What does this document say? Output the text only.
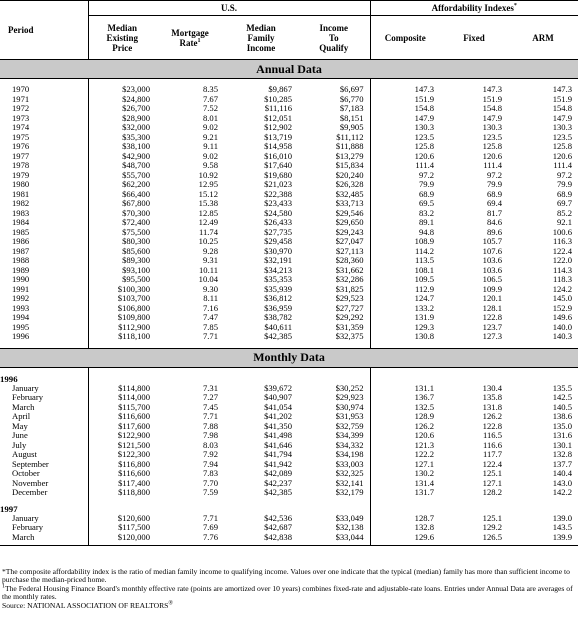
Period	U.S.				Affordability Indexes*
	Median
Existing
Price	Mortgage
Rate$^1$	Median
Family
Income	Income
To
Qualify	Composite	Fixed	ARM
Annual Data							

1970	$23,000	8.35	$9,867	$6,697	147.3	147.3	147.3
1971	$24,800	7.67	$10,285	$6,770	151.9	151.9	151.9
1972	$26,700	7.52	$11,116	$7,183	154.8	154.8	154.8
1973	$28,900	8.01	$12,051	$8,151	147.9	147.9	147.9
1974	$32,000	9.02	$12,902	$9,905	130.3	130.3	130.3
1975	$35,300	9.21	$13,719	$11,112	123.5	123.5	123.5
1976	$38,100	9.11	$14,958	$11,888	125.8	125.8	125.8
1977	$42,900	9.02	$16,010	$13,279	120.6	120.6	120.6
1978	$48,700	9.58	$17,640	$15,834	111.4	111.4	111.4
1979	$55,700	10.92	$19,680	$20,240	97.2	97.2	97.2
1980	$62,200	12.95	$21,023	$26,328	79.9	79.9	79.9
1981	$66,400	15.12	$22,388	$32,485	68.9	68.9	68.9
1982	$67,800	15.38	$23,433	$33,713	69.5	69.4	69.7
1983	$70,300	12.85	$24,580	$29,546	83.2	81.7	85.2
1984	$72,400	12.49	$26,433	$29,650	89.1	84.6	92.1
1985	$75,500	11.74	$27,735	$29,243	94.8	89.6	100.6
1986	$80,300	10.25	$29,458	$27,047	108.9	105.7	116.3
1987	$85,600	9.28	$30,970	$27,113	114.2	107.6	122.4
1988	$89,300	9.31	$32,191	$28,360	113.5	103.6	122.0
1989	$93,100	10.11	$34,213	$31,662	108.1	103.6	114.3
1990	$95,500	10.04	$35,353	$32,286	109.5	106.5	118.3
1991	$100,300	9.30	$35,939	$31,825	112.9	109.9	124.2
1992	$103,700	8.11	$36,812	$29,523	124.7	120.1	145.0
1993	$106,800	7.16	$36,959	$27,727	133.2	128.1	152.9
1994	$109,800	7.47	$38,782	$29,292	131.9	122.8	149.6
1995	$112,900	7.85	$40,611	$31,359	129.3	123.7	140.0
1996	$118,100	7.71	$42,385	$32,375	130.8	127.3	140.3

Monthly Data							

1996							
January	$114,800	7.31	$39,672	$30,252	131.1	130.4	135.5
February	$114,000	7.27	$40,907	$29,923	136.7	135.8	142.5
March	$115,700	7.45	$41,054	$30,974	132.5	131.8	140.5
April	$116,600	7.71	$41,202	$31,953	128.9	126.2	138.6
May	$117,600	7.88	$41,350	$32,759	126.2	122.8	135.0
June	$122,900	7.98	$41,498	$34,399	120.6	116.5	131.6
July	$121,500	8.03	$41,646	$34,332	121.3	116.6	130.1
August	$122,300	7.92	$41,794	$34,198	122.2	117.7	132.8
September	$116,800	7.94	$41,942	$33,003	127.1	122.4	137.7
October	$116,600	7.83	$42,089	$32,325	130.2	125.1	140.4
November	$117,400	7.70	$42,237	$32,141	131.4	127.1	143.0
December	$118,800	7.59	$42,385	$32,179	131.7	128.2	142.2

1997							
January	$120,600	7.71	$42,536	$33,049	128.7	125.1	139.0
February	$117,500	7.69	$42,687	$32,138	132.8	129.2	143.5
March	$120,000	7.76	$42,838	$33,044	129.6	126.5	139.9

*The composite affordability index is the ratio of median family income to qualifying income. Values over one indicate that the typical (median) family has more than sufficient income to purchase the median-priced home.

$^1$The Federal Housing Finance Board's monthly effective rate (points are amortized over 10 years) combines fixed-rate and adjustable-rate loans. Entries under Annual Data are averages of the monthly rates.

Source: NATIONAL ASSOCIATION OF REALTORS®
